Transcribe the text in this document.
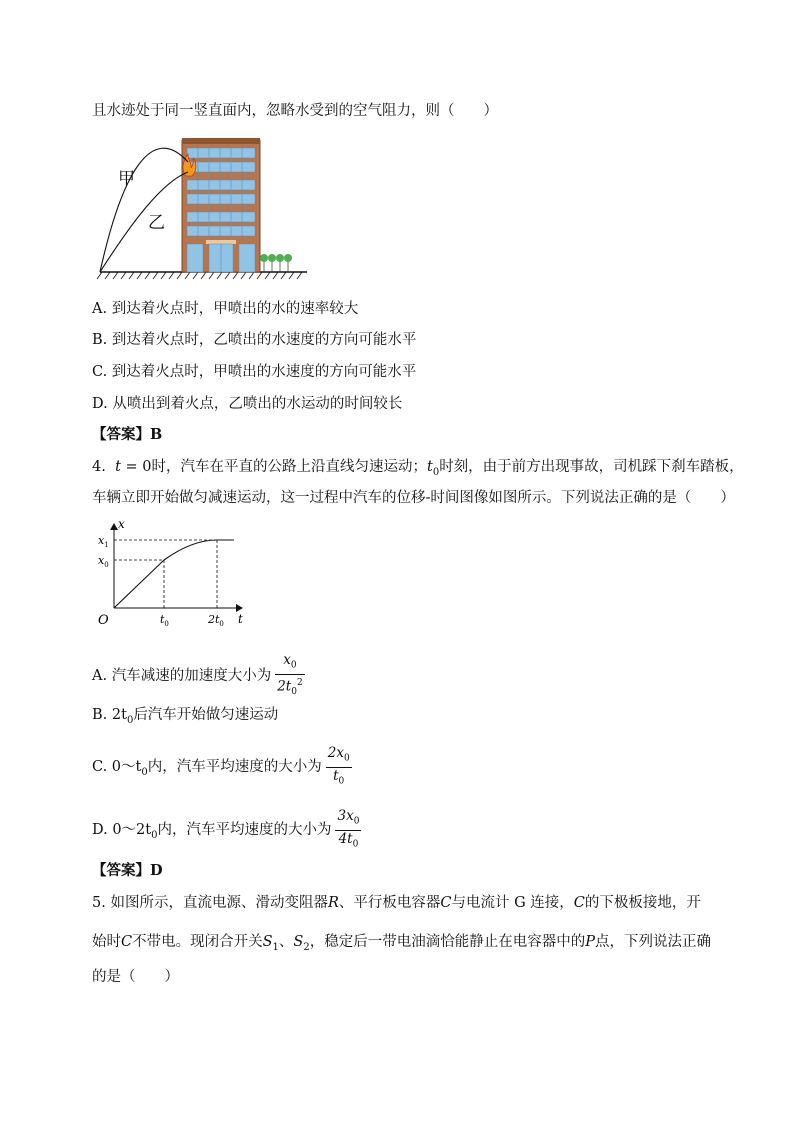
且水迹处于同一竖直面内，忽略水受到的空气阻力，则（　　）
甲
乙
A. 到达着火点时，甲喷出的水的速率较大
B. 到达着火点时，乙喷出的水速度的方向可能水平
C. 到达着火点时，甲喷出的水速度的方向可能水平
D. 从喷出到着火点，乙喷出的水运动的时间较长
【答案】B
4. t = 0时，汽车在平直的公路上沿直线匀速运动；$t_0$时刻，由于前方出现事故，司机踩下刹车踏板，
车辆立即开始做匀减速运动，这一过程中汽车的位移-时间图像如图所示。下列说法正确的是（　　）
x
t
O
$x_1$
$x_0$
$t_0$	$2t_0$
A. 汽车减速的加速度大小为 $\frac{x_0}{2t_0^2}$
B. $2t_0$后汽车开始做匀速运动
C. $0\sim t_0$内，汽车平均速度的大小为 $\frac{2x_0}{t_0}$
D. $0\sim 2t_0$内，汽车平均速度的大小为 $\frac{3x_0}{4t_0}$
【答案】D
5. 如图所示，直流电源、滑动变阻器R、平行板电容器C与电流计 G 连接，C的下极板接地，开
始时C不带电。现闭合开关$S_1$、$S_2$，稳定后一带电油滴恰能静止在电容器中的P点，下列说法正确
的是（　　）
